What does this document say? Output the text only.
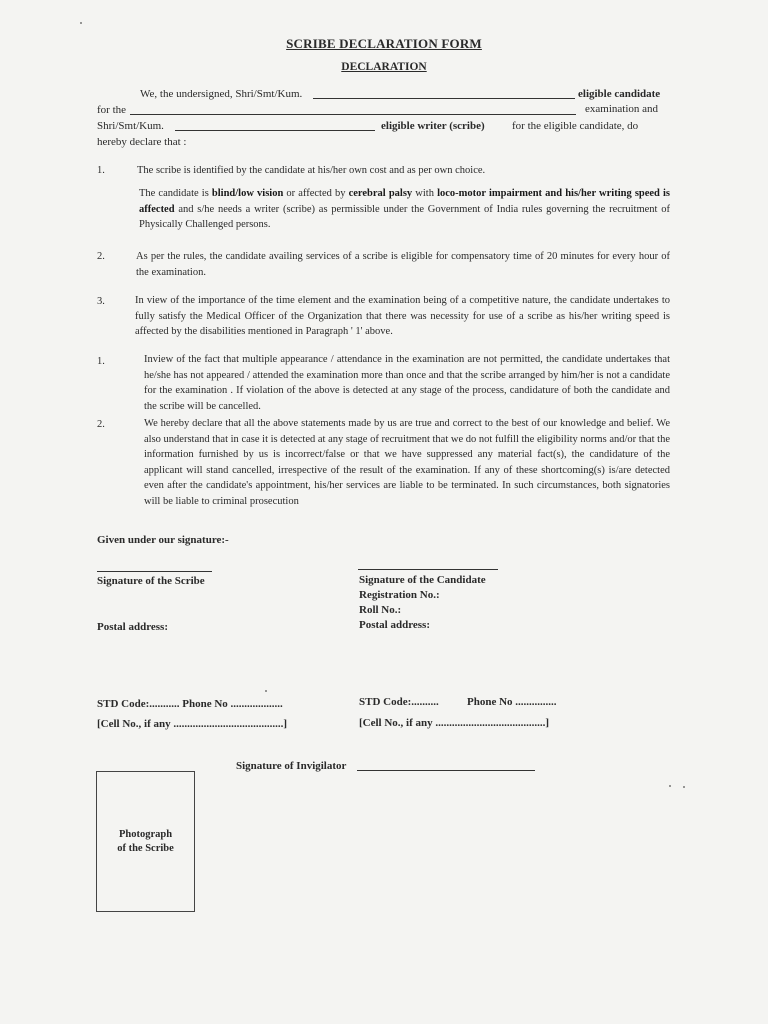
SCRIBE DECLARATION FORM
DECLARATION
We, the undersigned, Shri/Smt/Kum.	eligible candidate
for the	examination and
Shri/Smt/Kum.	eligible writer (scribe) for the eligible candidate, do
hereby declare that :
1.	The scribe is identified by the candidate at his/her own cost and as per own choice.
The candidate is blind/low vision or affected by cerebral palsy with loco-motor impairment and his/her writing speed is affected and s/he needs a writer (scribe) as permissible under the Government of India rules governing the recruitment of Physically Challenged persons.
2.	As per the rules, the candidate availing services of a scribe is eligible for compensatory time of 20 minutes for every hour of the examination.
3.	In view of the importance of the time element and the examination being of a competitive nature, the candidate undertakes to fully satisfy the Medical Officer of the Organization that there was necessity for use of a scribe as his/her writing speed is affected by the disabilities mentioned in Paragraph ' 1' above.
1.	Inview of the fact that multiple appearance / attendance in the examination are not permitted, the candidate undertakes that he/she has not appeared / attended the examination more than once and that the scribe arranged by him/her is not a candidate for the examination . If violation of the above is detected at any stage of the process, candidature of both the candidate and the scribe will be cancelled.
2.	We hereby declare that all the above statements made by us are true and correct to the best of our knowledge and belief. We also understand that in case it is detected at any stage of recruitment that we do not fulfill the eligibility norms and/or that the information furnished by us is incorrect/false or that we have suppressed any material fact(s), the candidature of the applicant will stand cancelled, irrespective of the result of the examination. If any of these shortcoming(s) is/are detected even after the candidate's appointment, his/her services are liable to be terminated. In such circumstances, both signatories will be liable to criminal prosecution
Given under our signature:-
Signature of the Scribe
Postal address:
STD Code:........... Phone No ...................
[Cell No., if any ........................................]
Signature of the Candidate
Registration No.:
Roll No.:
Postal address:
STD Code:..........	Phone No ...............
[Cell No., if any ........................................]
Signature of Invigilator
Photograph
of the Scribe
